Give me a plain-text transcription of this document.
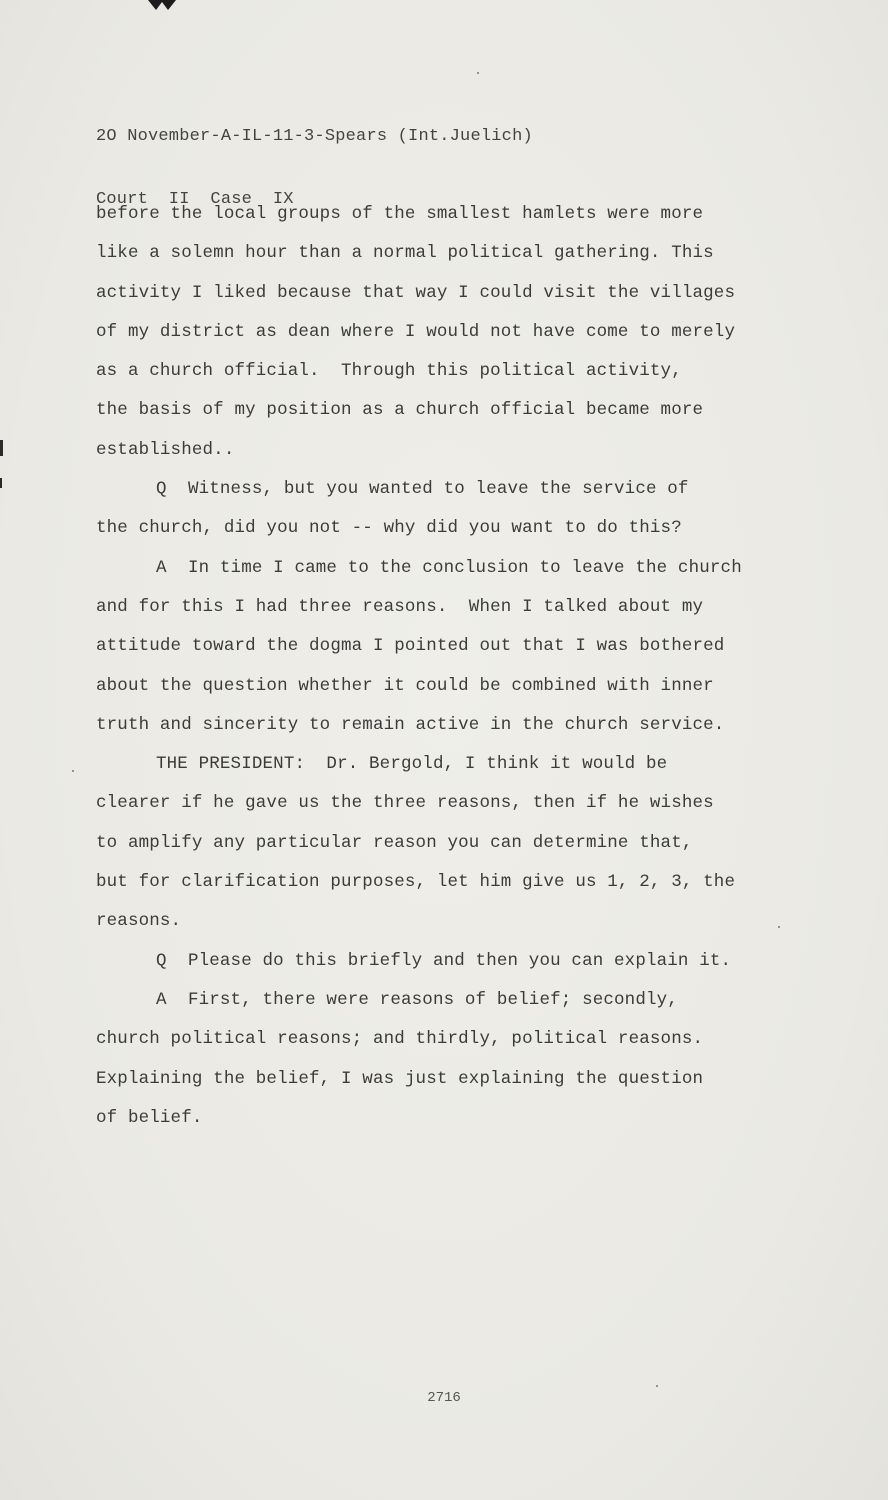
2O November-A-IL-11-3-Spears (Int.Juelich)

Court  II  Case  IX

before the local groups of the smallest hamlets were more
like a solemn hour than a normal political gathering. This
activity I liked because that way I could visit the villages
of my district as dean where I would not have come to merely
as a church official.  Through this political activity,
the basis of my position as a church official became more
established..
Q  Witness, but you wanted to leave the service of
the church, did you not -- why did you want to do this?
A  In time I came to the conclusion to leave the church
and for this I had three reasons.  When I talked about my
attitude toward the dogma I pointed out that I was bothered
about the question whether it could be combined with inner
truth and sincerity to remain active in the church service.
THE PRESIDENT:  Dr. Bergold, I think it would be
clearer if he gave us the three reasons, then if he wishes
to amplify any particular reason you can determine that,
but for clarification purposes, let him give us 1, 2, 3, the
reasons.
Q  Please do this briefly and then you can explain it.
A  First, there were reasons of belief; secondly,
church political reasons; and thirdly, political reasons.
Explaining the belief, I was just explaining the question
of belief.
2716
